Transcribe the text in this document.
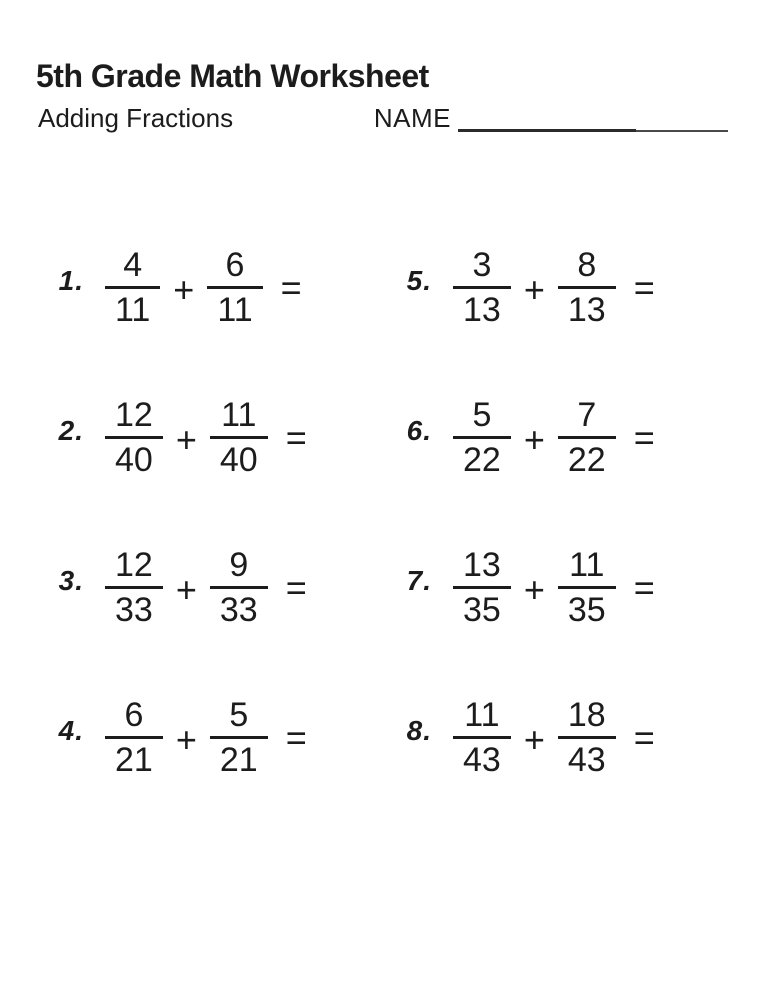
5th Grade Math Worksheet
Adding Fractions	NAME
1. $\frac{4}{11} + \frac{6}{11}$ =	5. $\frac{3}{13} + \frac{8}{13}$ =
2. $\frac{12}{40} + \frac{11}{40}$ =	6. $\frac{5}{22} + \frac{7}{22}$ =
3. $\frac{12}{33} + \frac{9}{33}$ =	7. $\frac{13}{35} + \frac{11}{35}$ =
4. $\frac{6}{21} + \frac{5}{21}$ =	8. $\frac{11}{43} + \frac{18}{43}$ =
